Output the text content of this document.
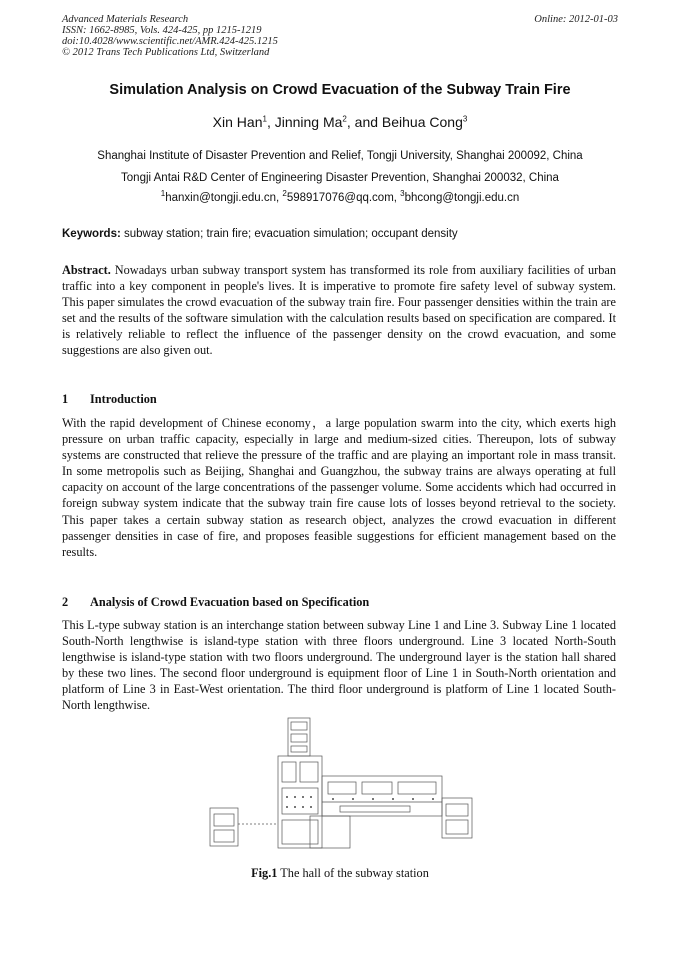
Advanced Materials Research
ISSN: 1662-8985, Vols. 424-425, pp 1215-1219
doi:10.4028/www.scientific.net/AMR.424-425.1215
© 2012 Trans Tech Publications Ltd, Switzerland
Online: 2012-01-03
Simulation Analysis on Crowd Evacuation of the Subway Train Fire
Xin Han$^1$, Jinning Ma$^2$, and Beihua Cong$^3$
Shanghai Institute of Disaster Prevention and Relief, Tongji University, Shanghai 200092, China
Tongji Antai R&D Center of Engineering Disaster Prevention, Shanghai 200032, China
$^1$hanxin@tongji.edu.cn, $^2$598917076@qq.com, $^3$bhcong@tongji.edu.cn
Keywords: subway station; train fire; evacuation simulation; occupant density
Abstract. Nowadays urban subway transport system has transformed its role from auxiliary facilities of urban traffic into a key component in people's lives. It is imperative to promote fire safety level of subway system. This paper simulates the crowd evacuation of the subway train fire. Four passenger densities within the train are set and the results of the software simulation with the calculation results based on specification are compared. It is relatively reliable to reflect the influence of the passenger density on the crowd evacuation, and some suggestions are also given out.
1 Introduction
With the rapid development of Chinese economy，a large population swarm into the city, which exerts high pressure on urban traffic capacity, especially in large and medium-sized cities. Thereupon, lots of subway systems are constructed that relieve the pressure of the traffic and are playing an important role in mass transit. In some metropolis such as Beijing, Shanghai and Guangzhou, the subway trains are always operating at full capacity on account of the large concentrations of the passenger volume. Some accidents which had occurred in foreign subway system indicate that the subway train fire cause lots of losses beyond retrieval to the society. This paper takes a certain subway station as research object, analyzes the crowd evacuation in different passenger densities in case of fire, and proposes feasible suggestions for efficient management based on the results.
2 Analysis of Crowd Evacuation based on Specification
This L-type subway station is an interchange station between subway Line 1 and Line 3. Subway Line 1 located South-North lengthwise is island-type station with three floors underground. Line 3 located North-South lengthwise is island-type station with two floors underground. The underground layer is the station hall shared by these two lines. The second floor underground is equipment floor of Line 1 in South-North orientation and platform of Line 3 in East-West orientation. The third floor underground is platform of Line 1 located South-North lengthwise.
Fig.1 The hall of the subway station
